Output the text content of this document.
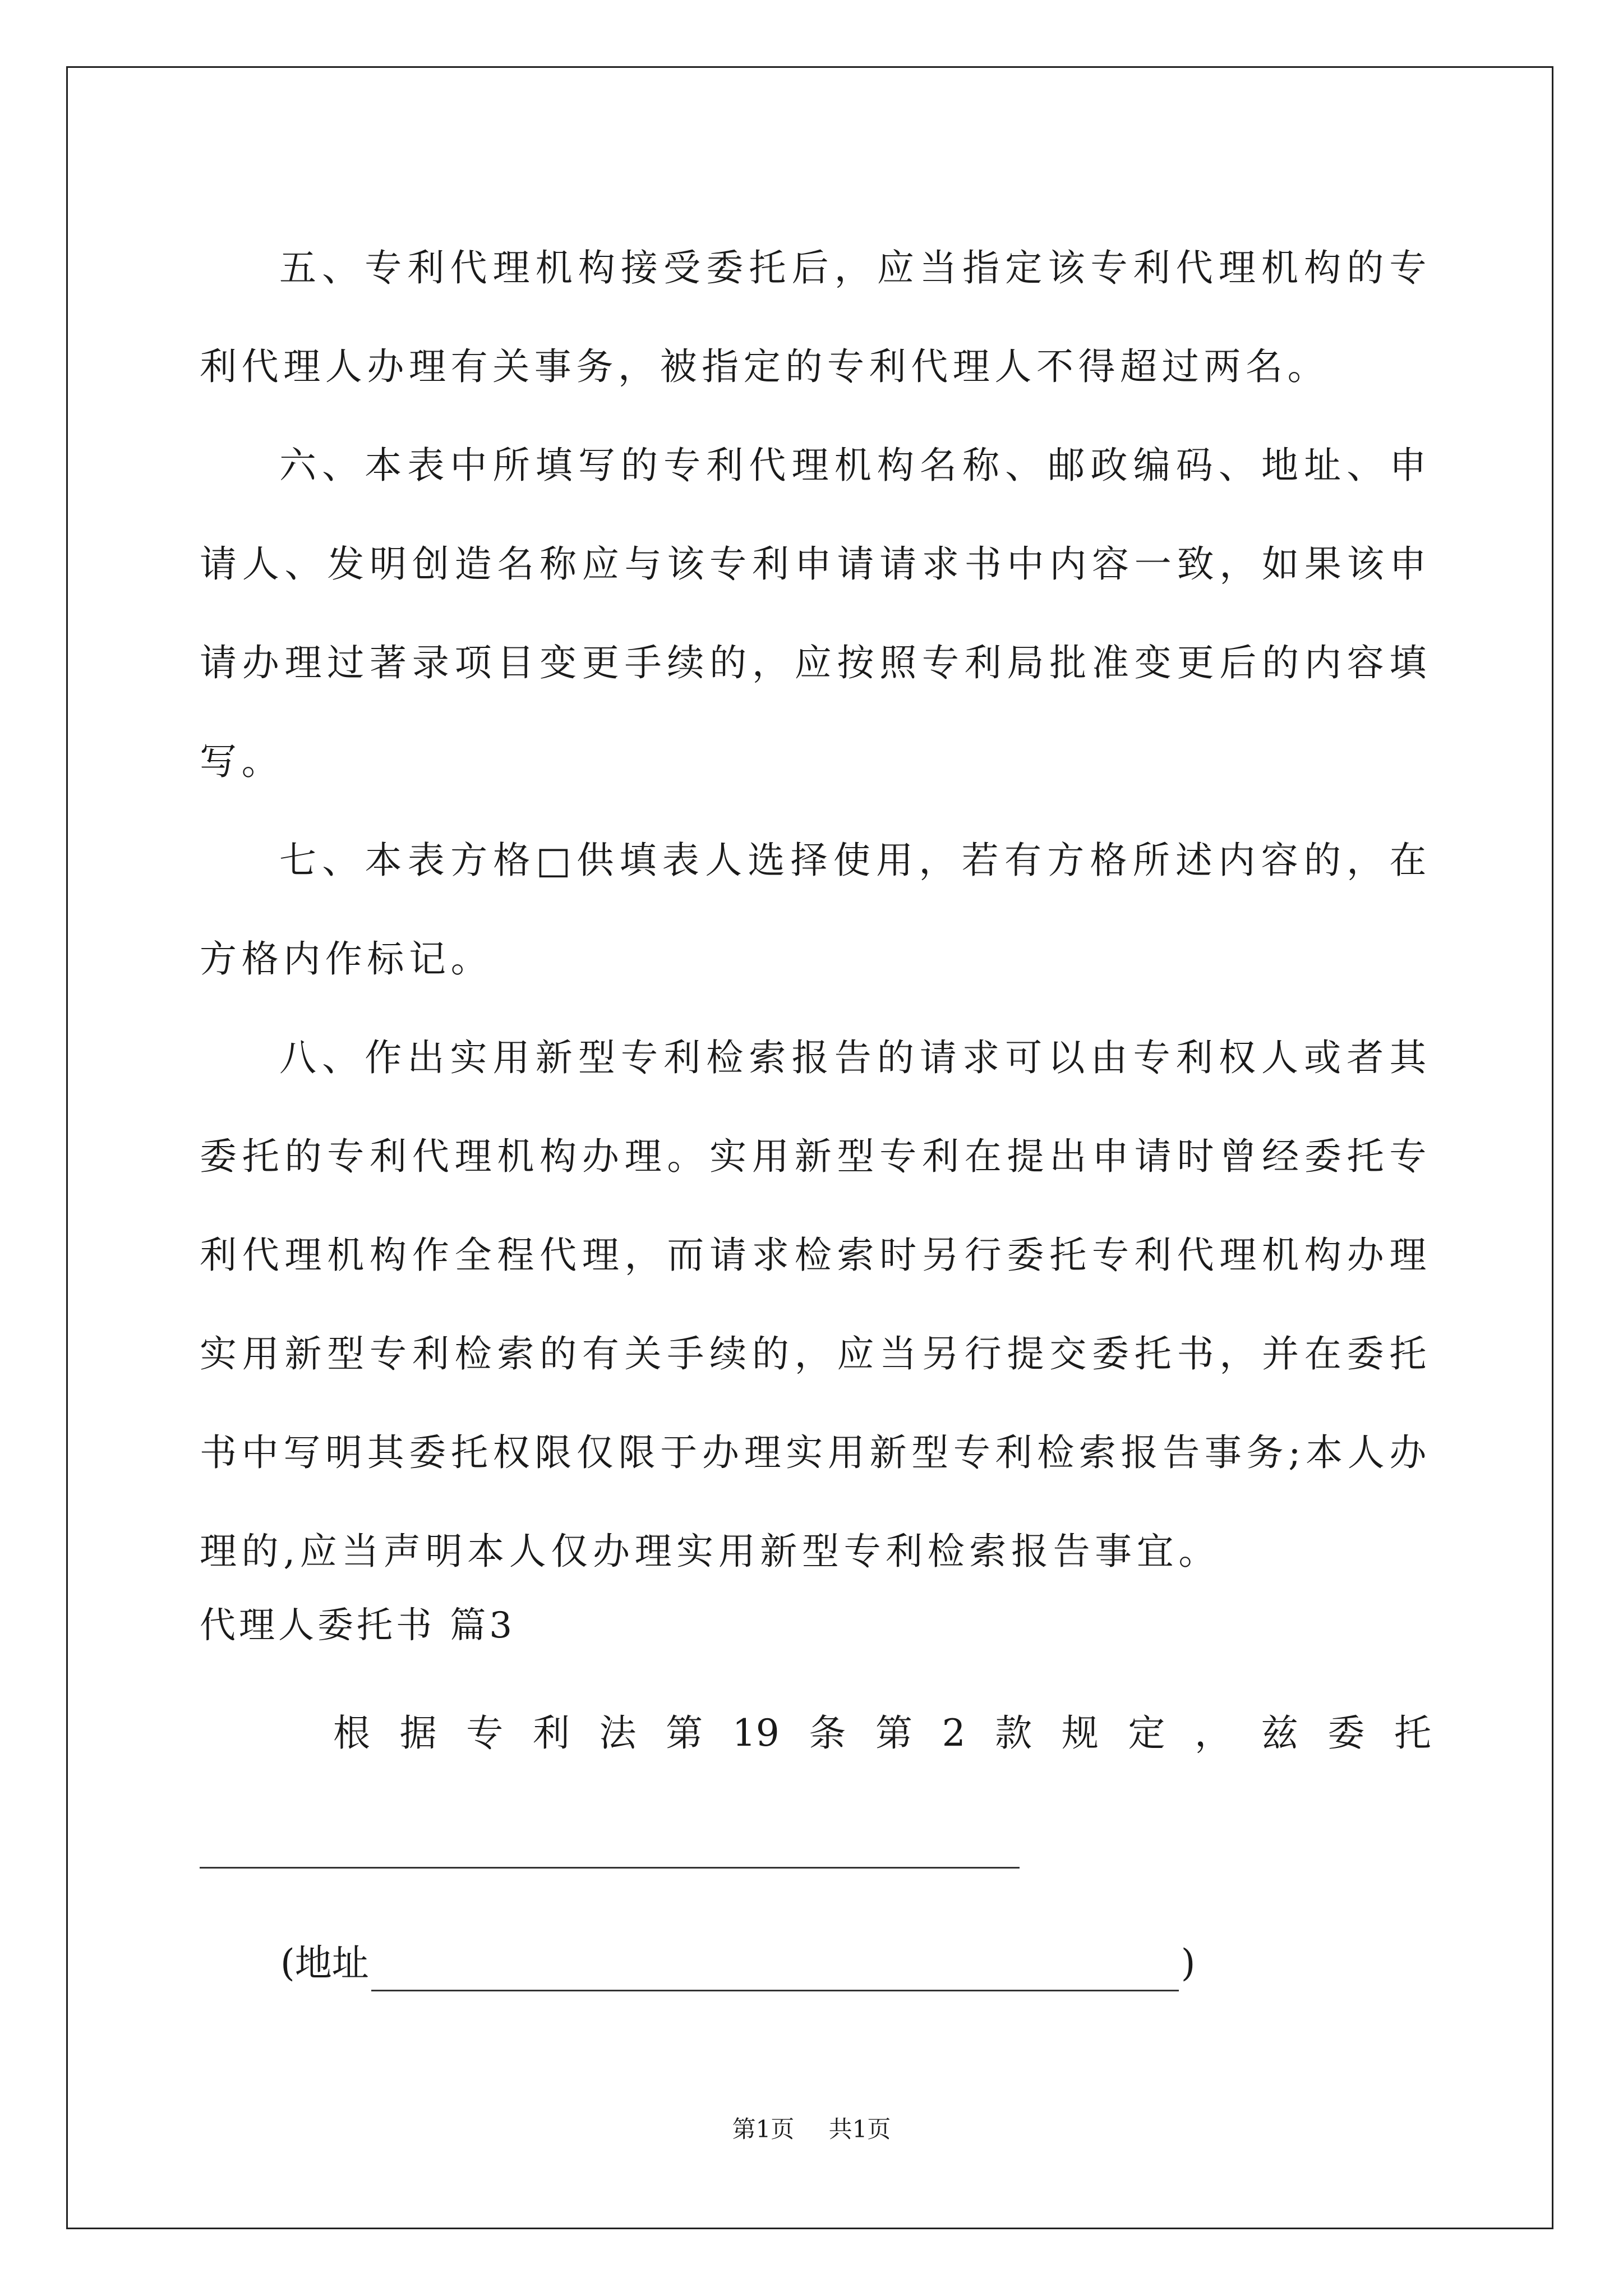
五、专利代理机构接受委托后，应当指定该专利代理机构的专利代理人办理有关事务，被指定的专利代理人不得超过两名。

六、本表中所填写的专利代理机构名称、邮政编码、地址、申请人、发明创造名称应与该专利申请请求书中内容一致，如果该申请办理过著录项目变更手续的，应按照专利局批准变更后的内容填写。

七、本表方格□供填表人选择使用，若有方格所述内容的，在方格内作标记。

八、作出实用新型专利检索报告的请求可以由专利权人或者其委托的专利代理机构办理。实用新型专利在提出申请时曾经委托专利代理机构作全程代理，而请求检索时另行委托专利代理机构办理实用新型专利检索的有关手续的，应当另行提交委托书，并在委托书中写明其委托权限仅限于办理实用新型专利检索报告事务;本人办理的,应当声明本人仅办理实用新型专利检索报告事宜。

代理人委托书 篇3

根 据 专 利 法 第 19 条 第 2 款 规 定 ， 兹 委 托

(地址	)

第1页 共1页
